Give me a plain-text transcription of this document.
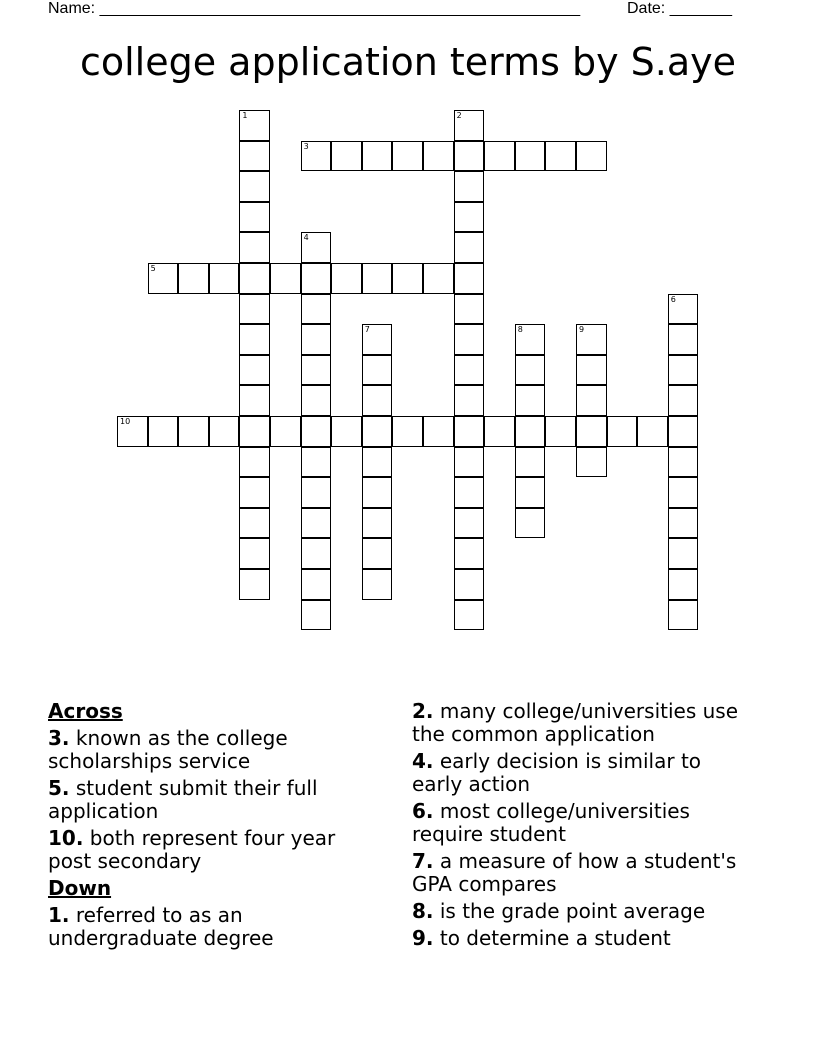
Name: ______________________________________________________	Date: _______
college application terms by S.aye
1	2
3
4
5
6
7	8	9
10
Across
3. known as the college scholarships service
5. student submit their full application
10. both represent four year post secondary
Down
1. referred to as an undergraduate degree
2. many college/universities use the common application
4. early decision is similar to early action
6. most college/universities require student
7. a measure of how a student's GPA compares
8. is the grade point average
9. to determine a student
